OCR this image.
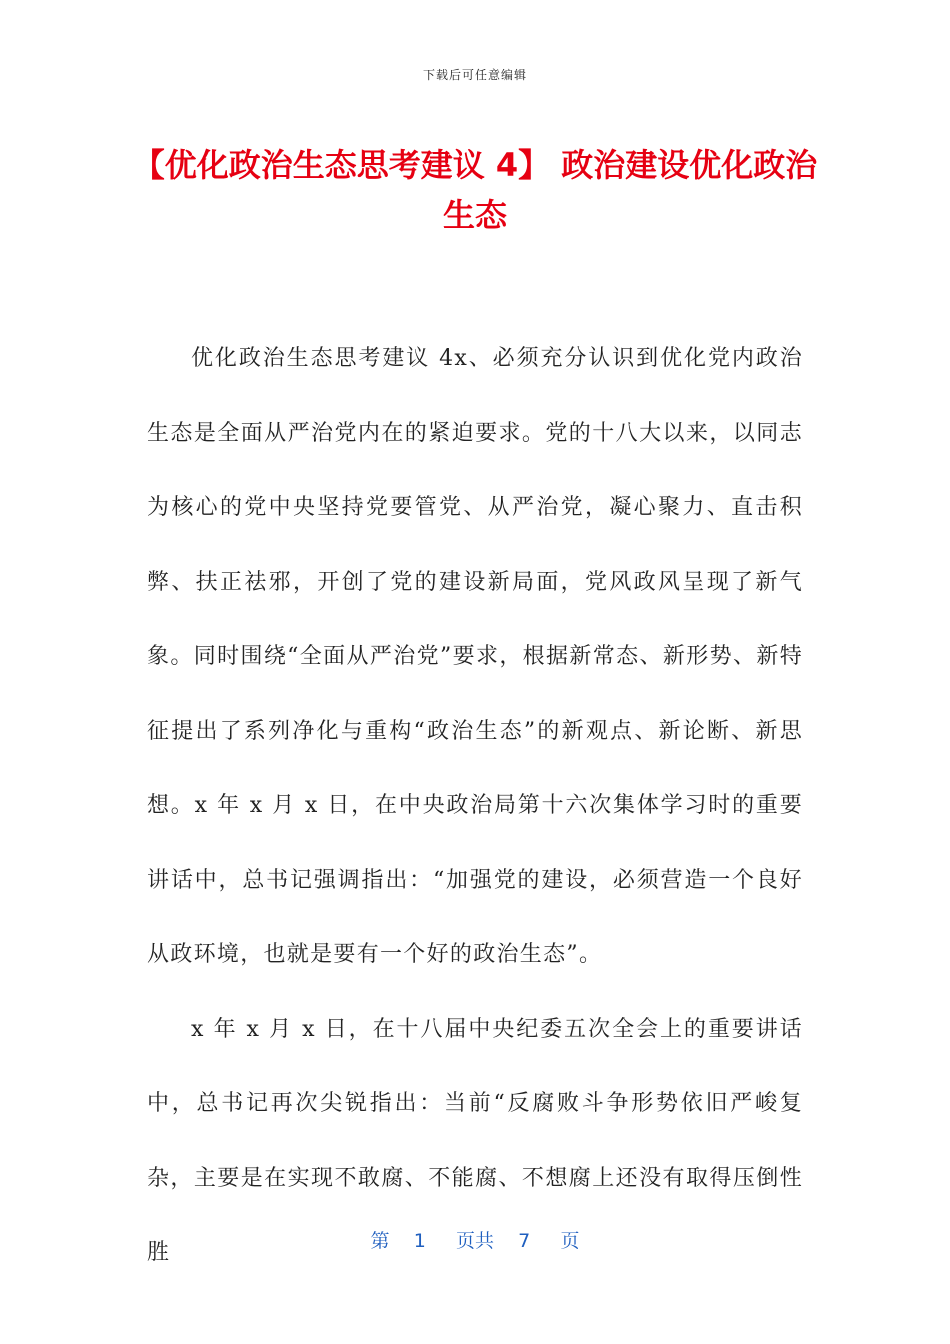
下载后可任意编辑
【优化政治生态思考建议 4】 政治建设优化政治生态

优化政治生态思考建议 4x、必须充分认识到优化党内政治生态是全面从严治党内在的紧迫要求。党的十八大以来，以同志为核心的党中央坚持党要管党、从严治党，凝心聚力、直击积弊、扶正祛邪，开创了党的建设新局面，党风政风呈现了新气象。同时围绕“全面从严治党”要求，根据新常态、新形势、新特征提出了系列净化与重构“政治生态”的新观点、新论断、新思想。x 年 x 月 x 日，在中央政治局第十六次集体学习时的重要讲话中，总书记强调指出：“加强党的建设，必须营造一个良好从政环境，也就是要有一个好的政治生态”。

x 年 x 月 x 日，在十八届中央纪委五次全会上的重要讲话中，总书记再次尖锐指出：当前“反腐败斗争形势依旧严峻复杂，主要是在实现不敢腐、不能腐、不想腐上还没有取得压倒性胜	第 1 页共 7 页
